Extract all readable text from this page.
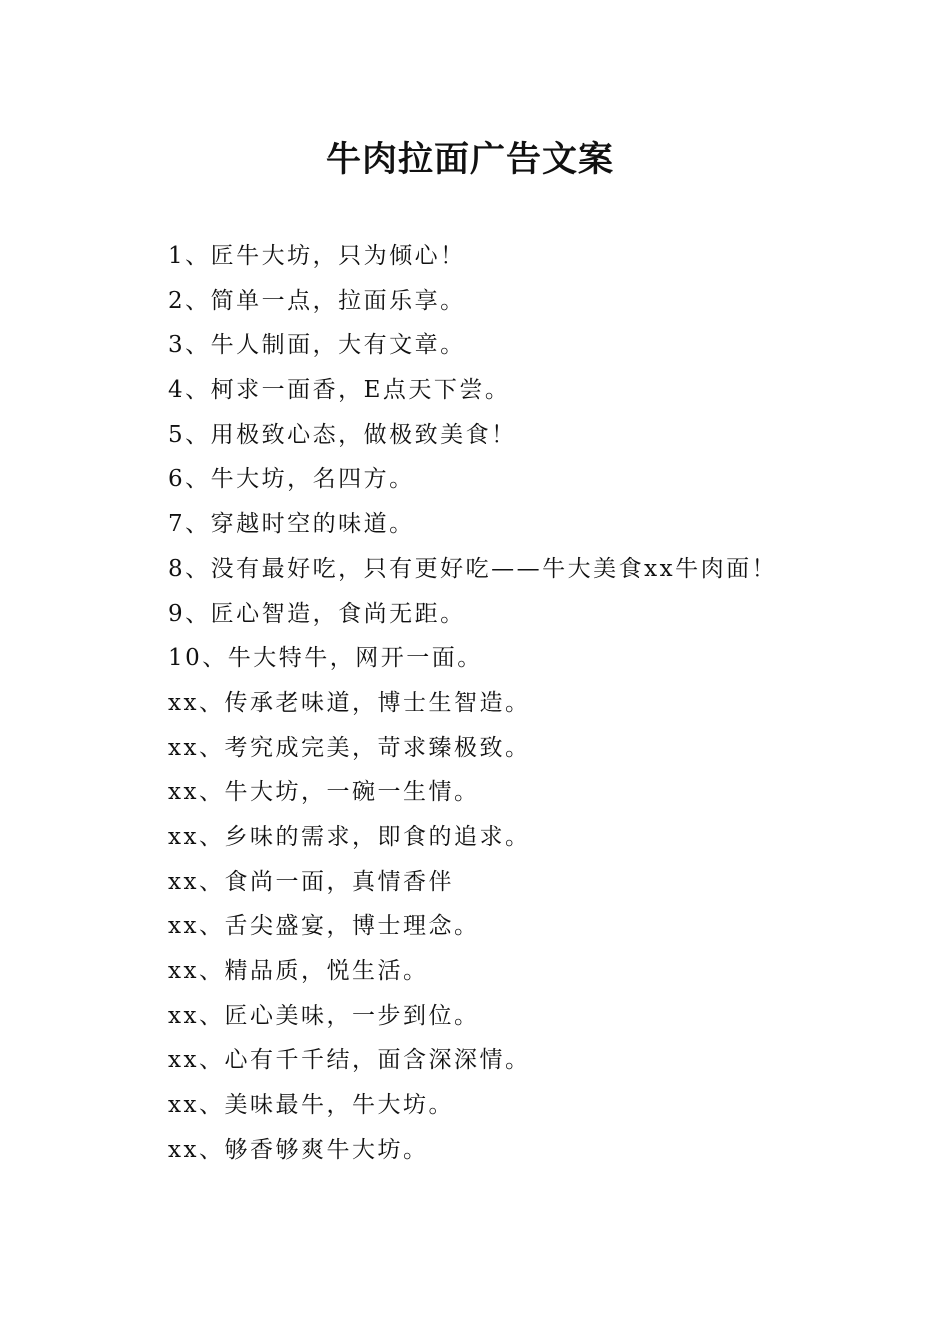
牛肉拉面广告文案
1、匠牛大坊，只为倾心！
2、简单一点，拉面乐享。
3、牛人制面，大有文章。
4、柯求一面香，E点天下尝。
5、用极致心态，做极致美食！
6、牛大坊，名四方。
7、穿越时空的味道。
8、没有最好吃，只有更好吃——牛大美食xx牛肉面！
9、匠心智造，食尚无距。
10、牛大特牛，网开一面。
xx、传承老味道，博士生智造。
xx、考究成完美，苛求臻极致。
xx、牛大坊，一碗一生情。
xx、乡味的需求，即食的追求。
xx、食尚一面，真情香伴
xx、舌尖盛宴，博士理念。
xx、精品质，悦生活。
xx、匠心美味，一步到位。
xx、心有千千结，面含深深情。
xx、美味最牛，牛大坊。
xx、够香够爽牛大坊。
